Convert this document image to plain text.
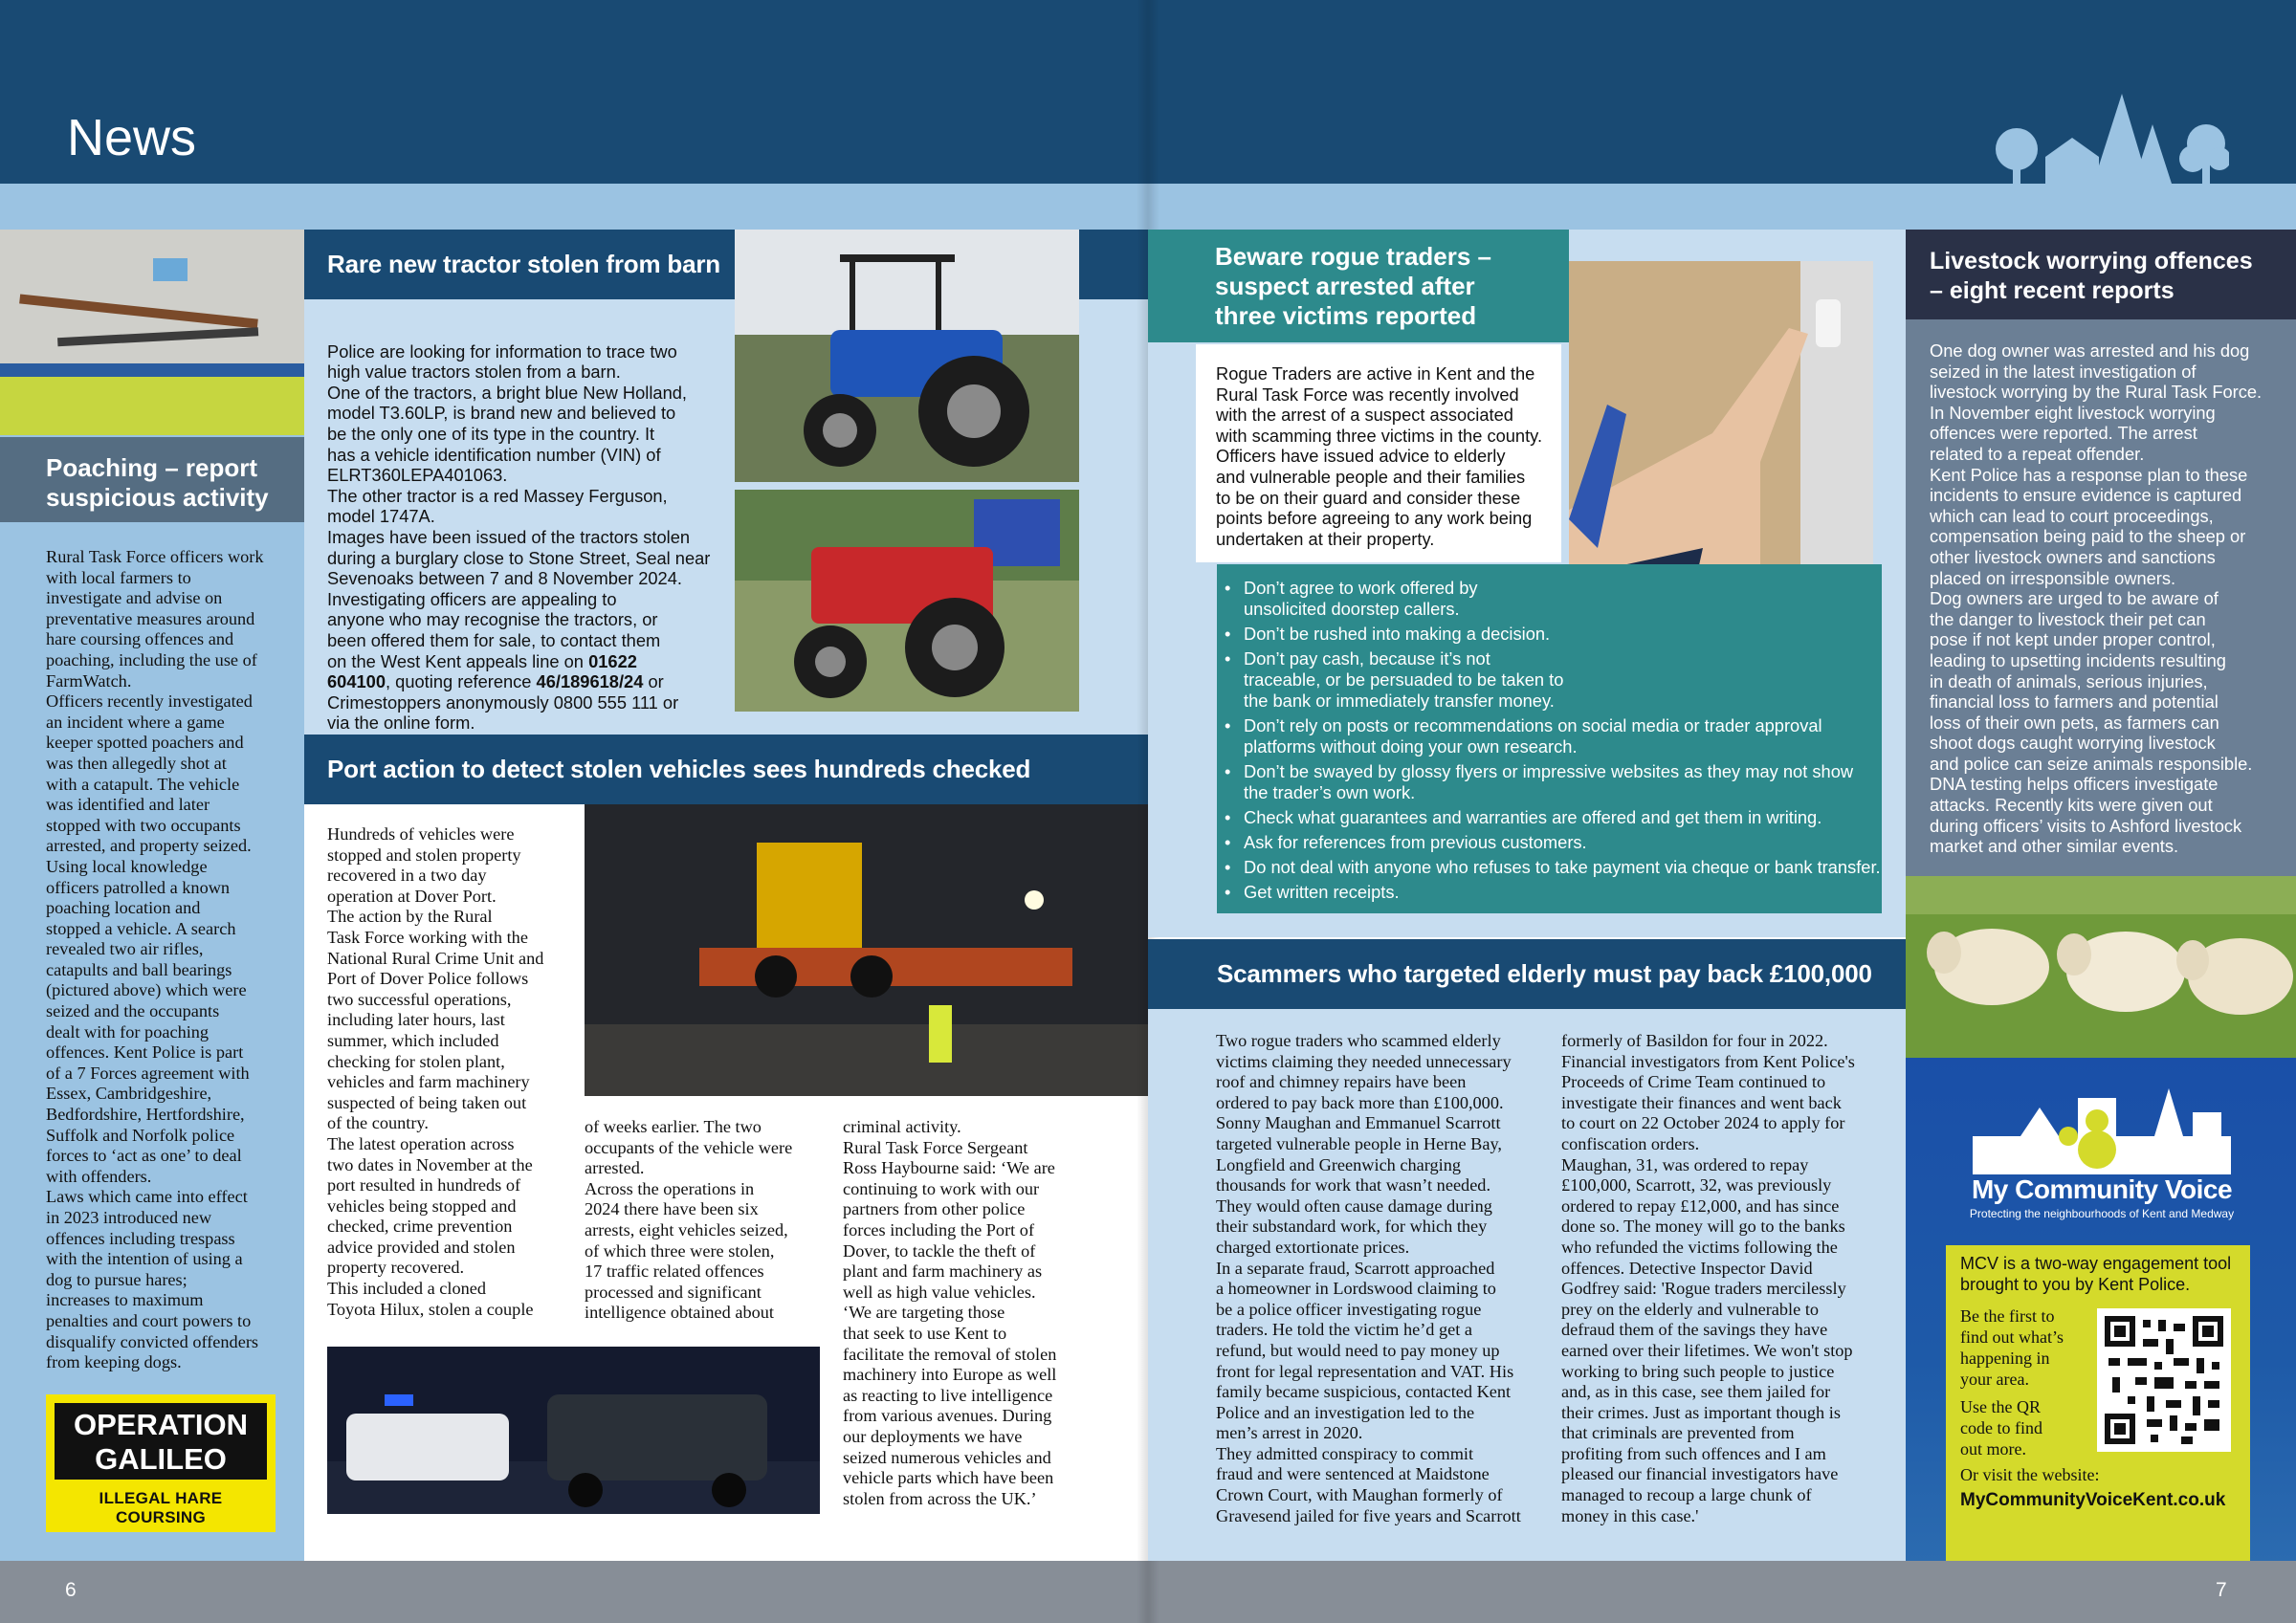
News
6	7
Poaching – report
suspicious activity
Rural Task Force officers work
with local farmers to
investigate and advise on
preventative measures around
hare coursing offences and
poaching, including the use of
FarmWatch.
Officers recently investigated
an incident where a game
keeper spotted poachers and
was then allegedly shot at
with a catapult. The vehicle
was identified and later
stopped with two occupants
arrested, and property seized.
Using local knowledge
officers patrolled a known
poaching location and
stopped a vehicle. A search
revealed two air rifles,
catapults and ball bearings
(pictured above) which were
seized and the occupants
dealt with for poaching
offences. Kent Police is part
of a 7 Forces agreement with
Essex, Cambridgeshire,
Bedfordshire, Hertfordshire,
Suffolk and Norfolk police
forces to ‘act as one’ to deal
with offenders.
Laws which came into effect
in 2023 introduced new
offences including trespass
with the intention of using a
dog to pursue hares;
increases to maximum
penalties and court powers to
disqualify convicted offenders
from keeping dogs.
OPERATION
GALILEO
ILLEGAL HARE COURSING
Rare new tractor stolen from barn

Police are looking for information to trace two
high value tractors stolen from a barn.
One of the tractors, a bright blue New Holland,
model T3.60LP, is brand new and believed to
be the only one of its type in the country. It
has a vehicle identification number (VIN) of
ELRT360LEPA401063.
The other tractor is a red Massey Ferguson,
model 1747A.
Images have been issued of the tractors stolen
during a burglary close to Stone Street, Seal near
Sevenoaks between 7 and 8 November 2024.
Investigating officers are appealing to
anyone who may recognise the tractors, or
been offered them for sale, to contact them
on the West Kent appeals line on 01622
604100, quoting reference 46/189618/24 or
Crimestoppers anonymously 0800 555 111 or
via the online form.

Port action to detect stolen vehicles sees hundreds checked
Hundreds of vehicles were
stopped and stolen property
recovered in a two day
operation at Dover Port.
The action by the Rural
Task Force working with the
National Rural Crime Unit and
Port of Dover Police follows
two successful operations,
including later hours, last
summer, which included
checking for stolen plant,
vehicles and farm machinery
suspected of being taken out
of the country.
The latest operation across
two dates in November at the
port resulted in hundreds of
vehicles being stopped and
checked, crime prevention
advice provided and stolen
property recovered.
This included a cloned
Toyota Hilux, stolen a couple
of weeks earlier. The two
occupants of the vehicle were
arrested.
Across the operations in
2024 there have been six
arrests, eight vehicles seized,
of which three were stolen,
17 traffic related offences
processed and significant
intelligence obtained about
criminal activity.
Rural Task Force Sergeant
Ross Haybourne said: ‘We are
continuing to work with our
partners from other police
forces including the Port of
Dover, to tackle the theft of
plant and farm machinery as
well as high value vehicles.
‘We are targeting those
that seek to use Kent to
facilitate the removal of stolen
machinery into Europe as well
as reacting to live intelligence
from various avenues. During
our deployments we have
seized numerous vehicles and
vehicle parts which have been
stolen from across the UK.’
Beware rogue traders –
suspect arrested after
three victims reported
Rogue Traders are active in Kent and the
Rural Task Force was recently involved
with the arrest of a suspect associated
with scamming three victims in the county.
Officers have issued advice to elderly
and vulnerable people and their families
to be on their guard and consider these
points before agreeing to any work being
undertaken at their property.
• Don’t agree to work offered by
unsolicited doorstep callers.
• Don’t be rushed into making a decision.
• Don’t pay cash, because it’s not
traceable, or be persuaded to be taken to
the bank or immediately transfer money.
• Don’t rely on posts or recommendations on social media or trader approval
platforms without doing your own research.
• Don’t be swayed by glossy flyers or impressive websites as they may not show
the trader’s own work.
• Check what guarantees and warranties are offered and get them in writing.
• Ask for references from previous customers.
• Do not deal with anyone who refuses to take payment via cheque or bank transfer.
• Get written receipts.
Scammers who targeted elderly must pay back £100,000
Two rogue traders who scammed elderly
victims claiming they needed unnecessary
roof and chimney repairs have been
ordered to pay back more than £100,000.
Sonny Maughan and Emmanuel Scarrott
targeted vulnerable people in Herne Bay,
Longfield and Greenwich charging
thousands for work that wasn’t needed.
They would often cause damage during
their substandard work, for which they
charged extortionate prices.
In a separate fraud, Scarrott approached
a homeowner in Lordswood claiming to
be a police officer investigating rogue
traders. He told the victim he’d get a
refund, but would need to pay money up
front for legal representation and VAT. His
family became suspicious, contacted Kent
Police and an investigation led to the
men’s arrest in 2020.
They admitted conspiracy to commit
fraud and were sentenced at Maidstone
Crown Court, with Maughan formerly of
Gravesend jailed for five years and Scarrott
formerly of Basildon for four in 2022.
Financial investigators from Kent Police's
Proceeds of Crime Team continued to
investigate their finances and went back
to court on 22 October 2024 to apply for
confiscation orders.
Maughan, 31, was ordered to repay
£100,000, Scarrott, 32, was previously
ordered to repay £12,000, and has since
done so. The money will go to the banks
who refunded the victims following the
offences. Detective Inspector David
Godfrey said: 'Rogue traders mercilessly
prey on the elderly and vulnerable to
defraud them of the savings they have
earned over their lifetimes. We won't stop
working to bring such people to justice
and, as in this case, see them jailed for
their crimes. Just as important though is
that criminals are prevented from
profiting from such offences and I am
pleased our financial investigators have
managed to recoup a large chunk of
money in this case.'
Livestock worrying offences
– eight recent reports
One dog owner was arrested and his dog
seized in the latest investigation of
livestock worrying by the Rural Task Force.
In November eight livestock worrying
offences were reported. The arrest
related to a repeat offender.
Kent Police has a response plan to these
incidents to ensure evidence is captured
which can lead to court proceedings,
compensation being paid to the sheep or
other livestock owners and sanctions
placed on irresponsible owners.
Dog owners are urged to be aware of
the danger to livestock their pet can
pose if not kept under proper control,
leading to upsetting incidents resulting
in death of animals, serious injuries,
financial loss to farmers and potential
loss of their own pets, as farmers can
shoot dogs caught worrying livestock
and police can seize animals responsible.
DNA testing helps officers investigate
attacks. Recently kits were given out
during officers’ visits to Ashford livestock
market and other similar events.
My Community Voice
Protecting the neighbourhoods of Kent and Medway
MCV is a two-way engagement tool
brought to you by Kent Police.
Be the first to
find out what’s
happening in
your area.
Use the QR
code to find
out more.
Or visit the website:
MyCommunityVoiceKent.co.uk
